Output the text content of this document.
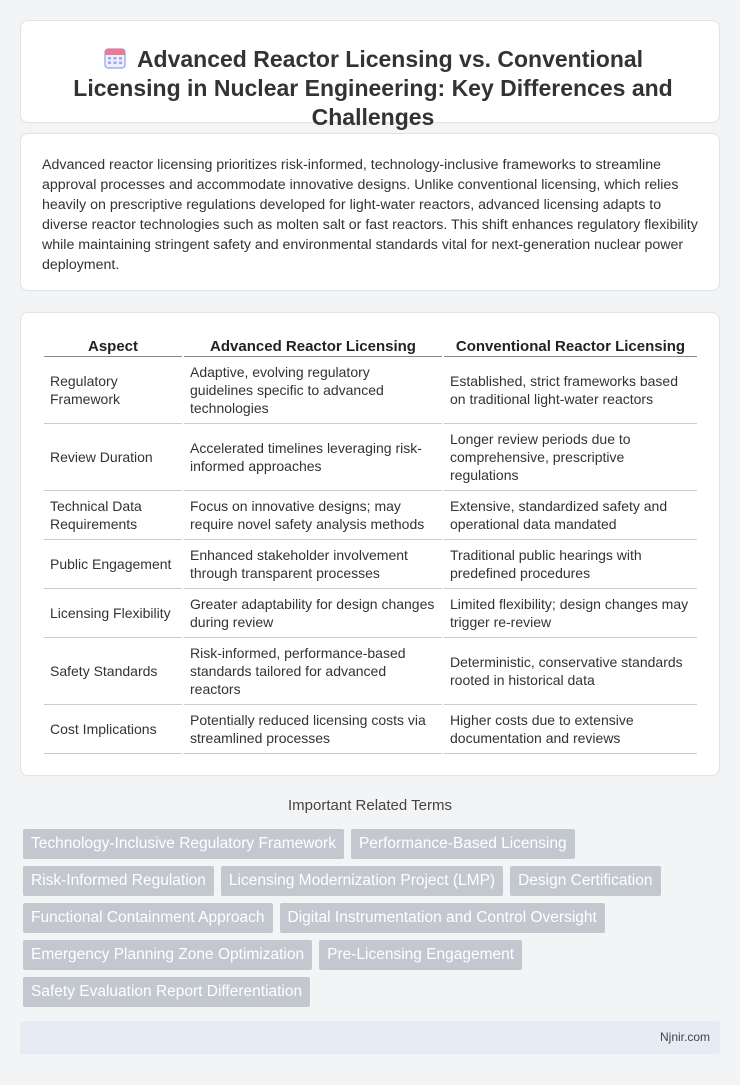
Advanced Reactor Licensing vs. Conventional Licensing in Nuclear Engineering: Key Differences and Challenges

Advanced reactor licensing prioritizes risk-informed, technology-inclusive frameworks to streamline approval processes and accommodate innovative designs. Unlike conventional licensing, which relies heavily on prescriptive regulations developed for light-water reactors, advanced licensing adapts to diverse reactor technologies such as molten salt or fast reactors. This shift enhances regulatory flexibility while maintaining stringent safety and environmental standards vital for next-generation nuclear power deployment.

Aspect	Advanced Reactor Licensing	Conventional Reactor Licensing
Regulatory Framework	Adaptive, evolving regulatory guidelines specific to advanced technologies	Established, strict frameworks based on traditional light-water reactors
Review Duration	Accelerated timelines leveraging risk-informed approaches	Longer review periods due to comprehensive, prescriptive regulations
Technical Data Requirements	Focus on innovative designs; may require novel safety analysis methods	Extensive, standardized safety and operational data mandated
Public Engagement	Enhanced stakeholder involvement through transparent processes	Traditional public hearings with predefined procedures
Licensing Flexibility	Greater adaptability for design changes during review	Limited flexibility; design changes may trigger re-review
Safety Standards	Risk-informed, performance-based standards tailored for advanced reactors	Deterministic, conservative standards rooted in historical data
Cost Implications	Potentially reduced licensing costs via streamlined processes	Higher costs due to extensive documentation and reviews
Important Related Terms
Technology-Inclusive Regulatory Framework	Performance-Based Licensing
Risk-Informed Regulation	Licensing Modernization Project (LMP)	Design Certification
Functional Containment Approach	Digital Instrumentation and Control Oversight
Emergency Planning Zone Optimization	Pre-Licensing Engagement
Safety Evaluation Report Differentiation
Njnir.com
